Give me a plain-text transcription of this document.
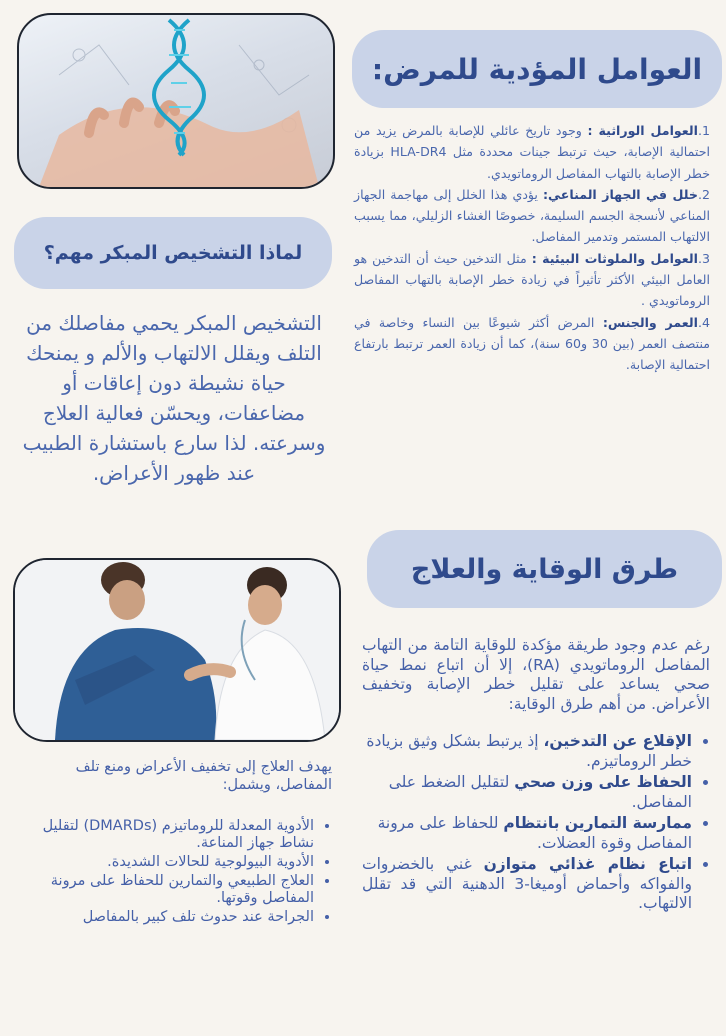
العوامل المؤدية للمرض:

1.العوامل الوراثية : وجود تاريخ عائلي للإصابة بالمرض يزيد من احتمالية الإصابة، حيث ترتبط جينات محددة مثل HLA-DR4 بزيادة خطر الإصابة بالتهاب المفاصل الروماتويدي.

2.خلل في الجهاز المناعي: يؤدي هذا الخلل إلى مهاجمة الجهاز المناعي لأنسجة الجسم السليمة، خصوصًا الغشاء الزليلي، مما يسبب الالتهاب المستمر وتدمير المفاصل.

3.العوامل والملوثات البيئية : مثل التدخين حيث أن التدخين هو العامل البيئي الأكثر تأثيراً في زيادة خطر الإصابة بالتهاب المفاصل الروماتويدي .

4.العمر والجنس: المرض أكثر شيوعًا بين النساء وخاصة في منتصف العمر (بين 30 و60 سنة)، كما أن زيادة العمر ترتبط بارتفاع احتمالية الإصابة.

لماذا التشخيص المبكر مهم؟

التشخيص المبكر يحمي مفاصلك من التلف ويقلل الالتهاب والألم و يمنحك حياة نشيطة دون إعاقات أو مضاعفات، ويحسّن فعالية العلاج وسرعته. لذا سارع باستشارة الطبيب عند ظهور الأعراض.

طرق الوقاية والعلاج

رغم عدم وجود طريقة مؤكدة للوقاية التامة من التهاب المفاصل الروماتويدي (RA)، إلا أن اتباع نمط حياة صحي يساعد على تقليل خطر الإصابة وتخفيف الأعراض. من أهم طرق الوقاية:

• الإقلاع عن التدخين، إذ يرتبط بشكل وثيق بزيادة خطر الروماتيزم.
• الحفاظ على وزن صحي لتقليل الضغط على المفاصل.
• ممارسة التمارين بانتظام للحفاظ على مرونة المفاصل وقوة العضلات.
• اتباع نظام غذائي متوازن غني بالخضروات والفواكه وأحماض أوميغا-3 الدهنية التي قد تقلل الالتهاب.

يهدف العلاج إلى تخفيف الأعراض ومنع تلف المفاصل، ويشمل:

• الأدوية المعدلة للروماتيزم (DMARDs) لتقليل نشاط جهاز المناعة.
• الأدوية البيولوجية للحالات الشديدة.
• العلاج الطبيعي والتمارين للحفاظ على مرونة المفاصل وقوتها.
• الجراحة عند حدوث تلف كبير بالمفاصل
